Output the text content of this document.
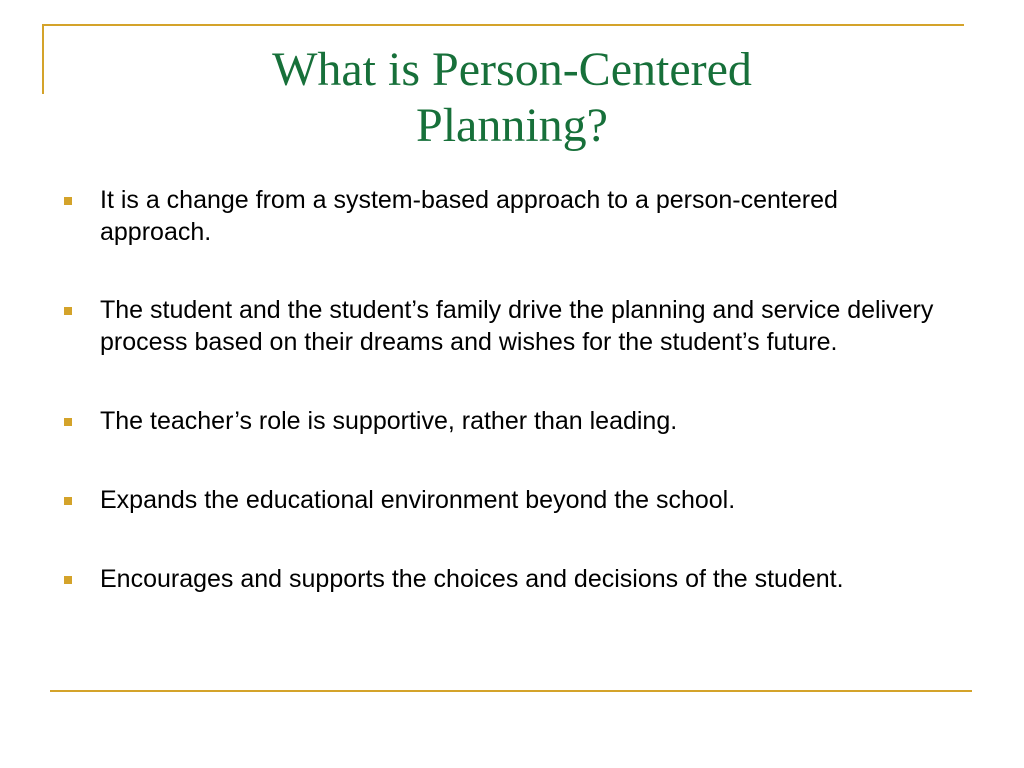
What is Person-Centered
Planning?
It is a change from a system-based approach to a person-centered approach.
The student and the student’s family drive the planning and service delivery process based on their dreams and wishes for the student’s future.
The teacher’s role is supportive, rather than leading.
Expands the educational environment beyond the school.
Encourages and supports the choices and decisions of the student.
